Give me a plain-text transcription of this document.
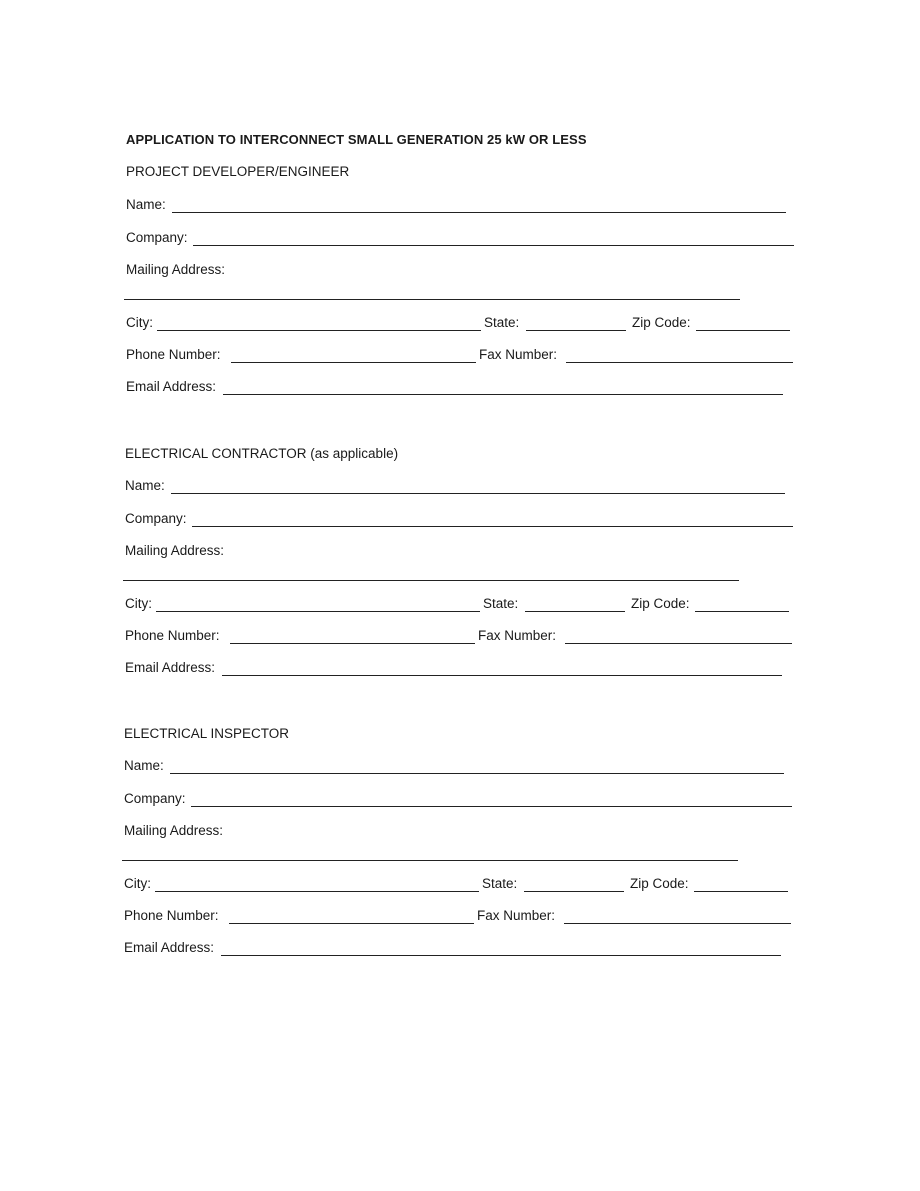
APPLICATION TO INTERCONNECT SMALL GENERATION 25 kW OR LESS
PROJECT DEVELOPER/ENGINEER
Name:
Company:
Mailing Address:
City:	State:	Zip Code:
Phone Number:	Fax Number:
Email Address:
ELECTRICAL CONTRACTOR (as applicable)
Name:
Company:
Mailing Address:
City:	State:	Zip Code:
Phone Number:	Fax Number:
Email Address:
ELECTRICAL INSPECTOR
Name:
Company:
Mailing Address:
City:	State:	Zip Code:
Phone Number:	Fax Number:
Email Address:
